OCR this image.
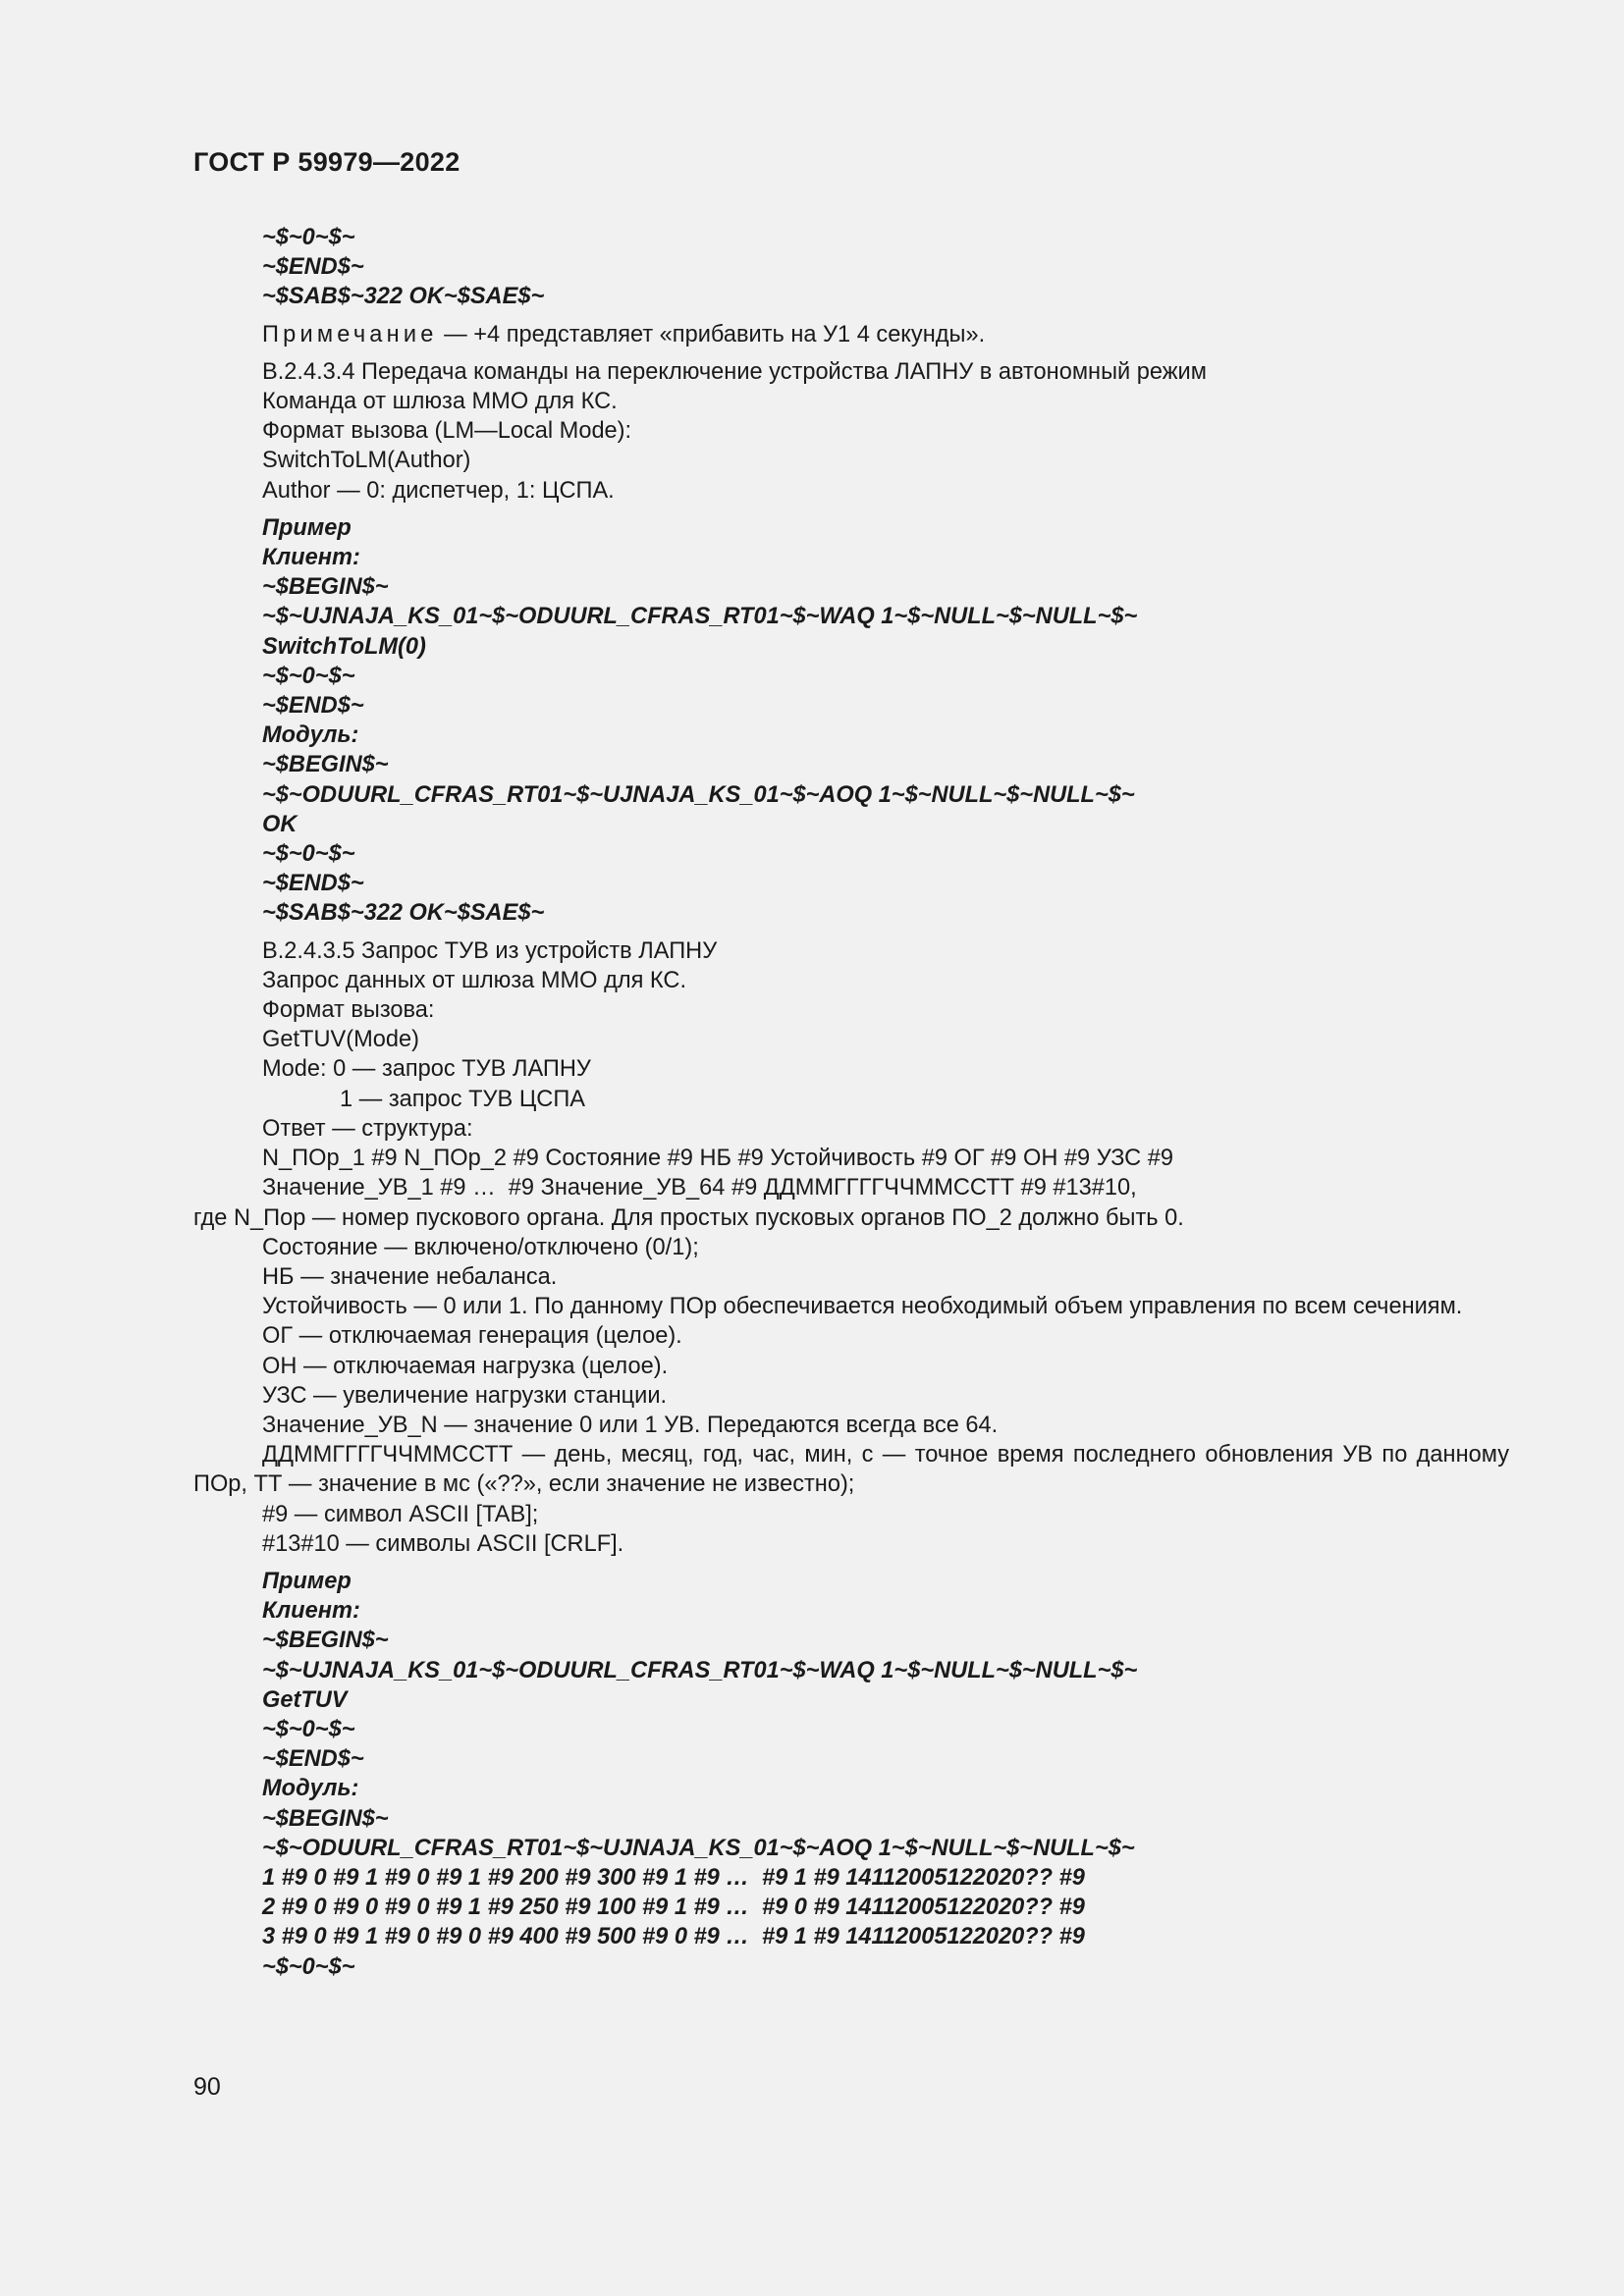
ГОСТ Р 59979—2022
~$~0~$~
~$END$~
~$SAB$~322 OK~$SAE$~
Примечание — +4 представляет «прибавить на У1 4 секунды».
В.2.4.3.4 Передача команды на переключение устройства ЛАПНУ в автономный режим
Команда от шлюза ММО для КС.
Формат вызова (LM—Local Mode):
SwitchToLM(Author)
Author — 0: диспетчер, 1: ЦСПА.
Пример
Клиент:
~$BEGIN$~
~$~UJNAJA_KS_01~$~ODUURL_CFRAS_RT01~$~WAQ 1~$~NULL~$~NULL~$~
SwitchToLM(0)
~$~0~$~
~$END$~
Модуль:
~$BEGIN$~
~$~ODUURL_CFRAS_RT01~$~UJNAJA_KS_01~$~AOQ 1~$~NULL~$~NULL~$~
OK
~$~0~$~
~$END$~
~$SAB$~322 OK~$SAE$~
В.2.4.3.5 Запрос ТУВ из устройств ЛАПНУ
Запрос данных от шлюза ММО для КС.
Формат вызова:
GetTUV(Mode)
Mode: 0 — запрос ТУВ ЛАПНУ
1 — запрос ТУВ ЦСПА
Ответ — структура:
N_ПОр_1 #9 N_ПОр_2 #9 Состояние #9 НБ #9 Устойчивость #9 ОГ #9 ОН #9 УЗС #9
Значение_УВ_1 #9 …  #9 Значение_УВ_64 #9 ДДММГГГГЧЧММССТТ #9 #13#10,
где N_Пор — номер пускового органа. Для простых пусковых органов ПО_2 должно быть 0.
Состояние — включено/отключено (0/1);
НБ — значение небаланса.
Устойчивость — 0 или 1. По данному ПОр обеспечивается необходимый объем управления по всем сечениям.
ОГ — отключаемая генерация (целое).
ОН — отключаемая нагрузка (целое).
УЗС — увеличение нагрузки станции.
Значение_УВ_N — значение 0 или 1 УВ. Передаются всегда все 64.
ДДММГГГГЧЧММССТТ — день, месяц, год, час, мин, с — точное время последнего обновления УВ по данному ПОр, ТТ — значение в мс («??», если значение не известно);
#9 — символ ASCII [TAB];
#13#10 — символы ASCII [CRLF].
Пример
Клиент:
~$BEGIN$~
~$~UJNAJA_KS_01~$~ODUURL_CFRAS_RT01~$~WAQ 1~$~NULL~$~NULL~$~
GetTUV
~$~0~$~
~$END$~
Модуль:
~$BEGIN$~
~$~ODUURL_CFRAS_RT01~$~UJNAJA_KS_01~$~AOQ 1~$~NULL~$~NULL~$~
1 #9 0 #9 1 #9 0 #9 1 #9 200 #9 300 #9 1 #9 …  #9 1 #9 14112005122020?? #9
2 #9 0 #9 0 #9 0 #9 1 #9 250 #9 100 #9 1 #9 …  #9 0 #9 14112005122020?? #9
3 #9 0 #9 1 #9 0 #9 0 #9 400 #9 500 #9 0 #9 …  #9 1 #9 14112005122020?? #9
~$~0~$~
90
